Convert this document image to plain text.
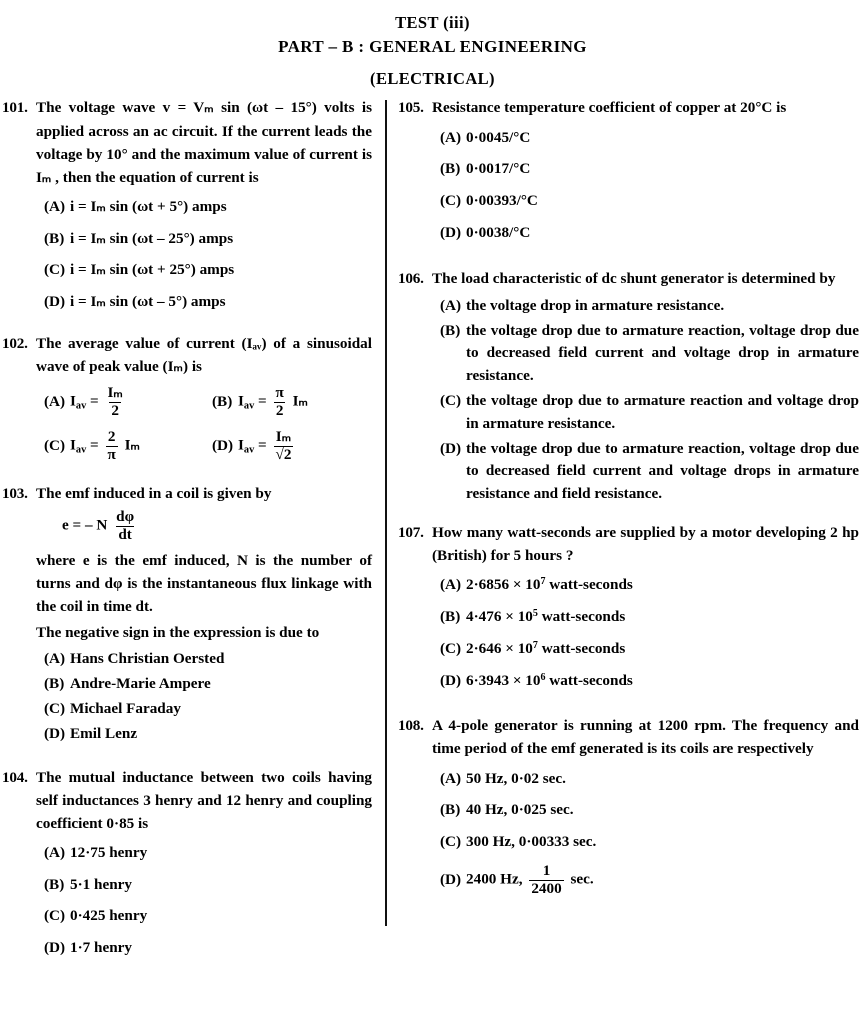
TEST (iii)
PART – B : GENERAL ENGINEERING
(ELECTRICAL)
101. The voltage wave v = Vₘ sin (ωt – 15°) volts is applied across an ac circuit. If the current leads the voltage by 10° and the maximum value of current is Iₘ , then the equation of current is
(A) i = Iₘ sin (ωt + 5°) amps
(B) i = Iₘ sin (ωt – 25°) amps
(C) i = Iₘ sin (ωt + 25°) amps
(D) i = Iₘ sin (ωt – 5°) amps
102. The average value of current (Iₐᵥ) of a sinusoidal wave of peak value (Iₘ) is
(A) $I_{av} = \frac{\text{Iₘ}}{2}$	(B) $I_{av} = \frac{\pi}{2}$ Iₘ
(C) $I_{av} = \frac{2}{\pi}$ Iₘ	(D) $I_{av} = \frac{\text{Iₘ}}{√2}$
103. The emf induced in a coil is given by
e = – N $\frac{d\varphi}{dt}$
where e is the emf induced, N is the number of turns and dφ is the instantaneous flux linkage with the coil in time dt.
The negative sign in the expression is due to
(A) Hans Christian Oersted
(B) Andre-Marie Ampere
(C) Michael Faraday
(D) Emil Lenz
104. The mutual inductance between two coils having self inductances 3 henry and 12 henry and coupling coefficient 0·85 is
(A) 12·75 henry
(B) 5·1 henry
(C) 0·425 henry
(D) 1·7 henry
105. Resistance temperature coefficient of copper at 20°C is
(A) 0·0045/°C
(B) 0·0017/°C
(C) 0·00393/°C
(D) 0·0038/°C
106. The load characteristic of dc shunt generator is determined by
(A) the voltage drop in armature resistance.
(B) the voltage drop due to armature reaction, voltage drop due to decreased field current and voltage drop in armature resistance.
(C) the voltage drop due to armature reaction and voltage drop in armature resistance.
(D) the voltage drop due to armature reaction, voltage drop due to decreased field current and voltage drops in armature resistance and field resistance.
107. How many watt-seconds are supplied by a motor developing 2 hp (British) for 5 hours ?
(A) $2\cdot 6856 \times 10^7$ watt-seconds
(B) $4\cdot 476 \times 10^5$ watt-seconds
(C) $2\cdot 646 \times 10^7$ watt-seconds
(D) $6\cdot 3943 \times 10^6$ watt-seconds
108. A 4-pole generator is running at 1200 rpm. The frequency and time period of the emf generated is its coils are respectively
(A) 50 Hz, 0·02 sec.
(B) 40 Hz, 0·025 sec.
(C) 300 Hz, 0·00333 sec.
(D) 2400 Hz, $\frac{1}{2400} \sec$.
